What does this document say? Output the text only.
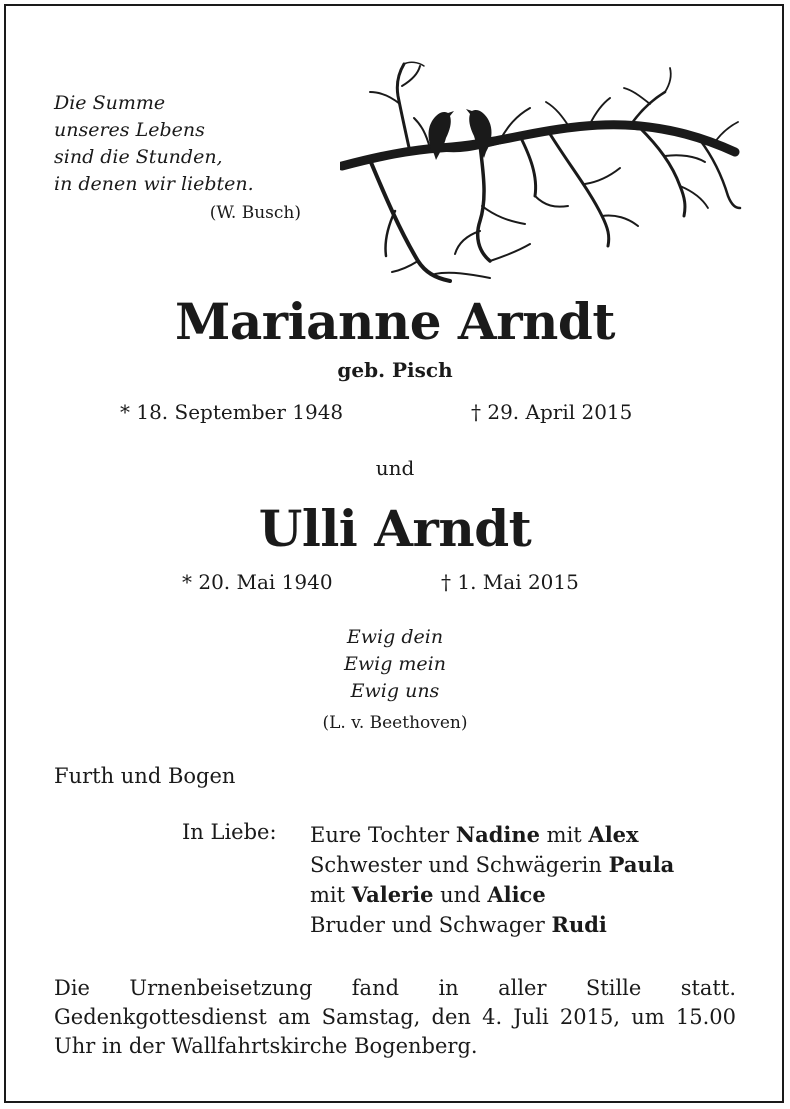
Die Summe
unseres Lebens
sind die Stunden,
in denen wir liebten.
(W. Busch)
Marianne Arndt
geb. Pisch
* 18. September 1948	† 29. April 2015
und
Ulli Arndt
* 20. Mai 1940	† 1. Mai 2015
Ewig dein
Ewig mein
Ewig uns
(L. v. Beethoven)
Furth und Bogen
In Liebe: Eure Tochter Nadine mit Alex
Schwester und Schwägerin Paula
mit Valerie und Alice
Bruder und Schwager Rudi
Die Urnenbeisetzung fand in aller Stille statt. Gedenkgottesdienst am Samstag, den 4. Juli 2015, um 15.00 Uhr in der Wallfahrtskirche Bogenberg.
